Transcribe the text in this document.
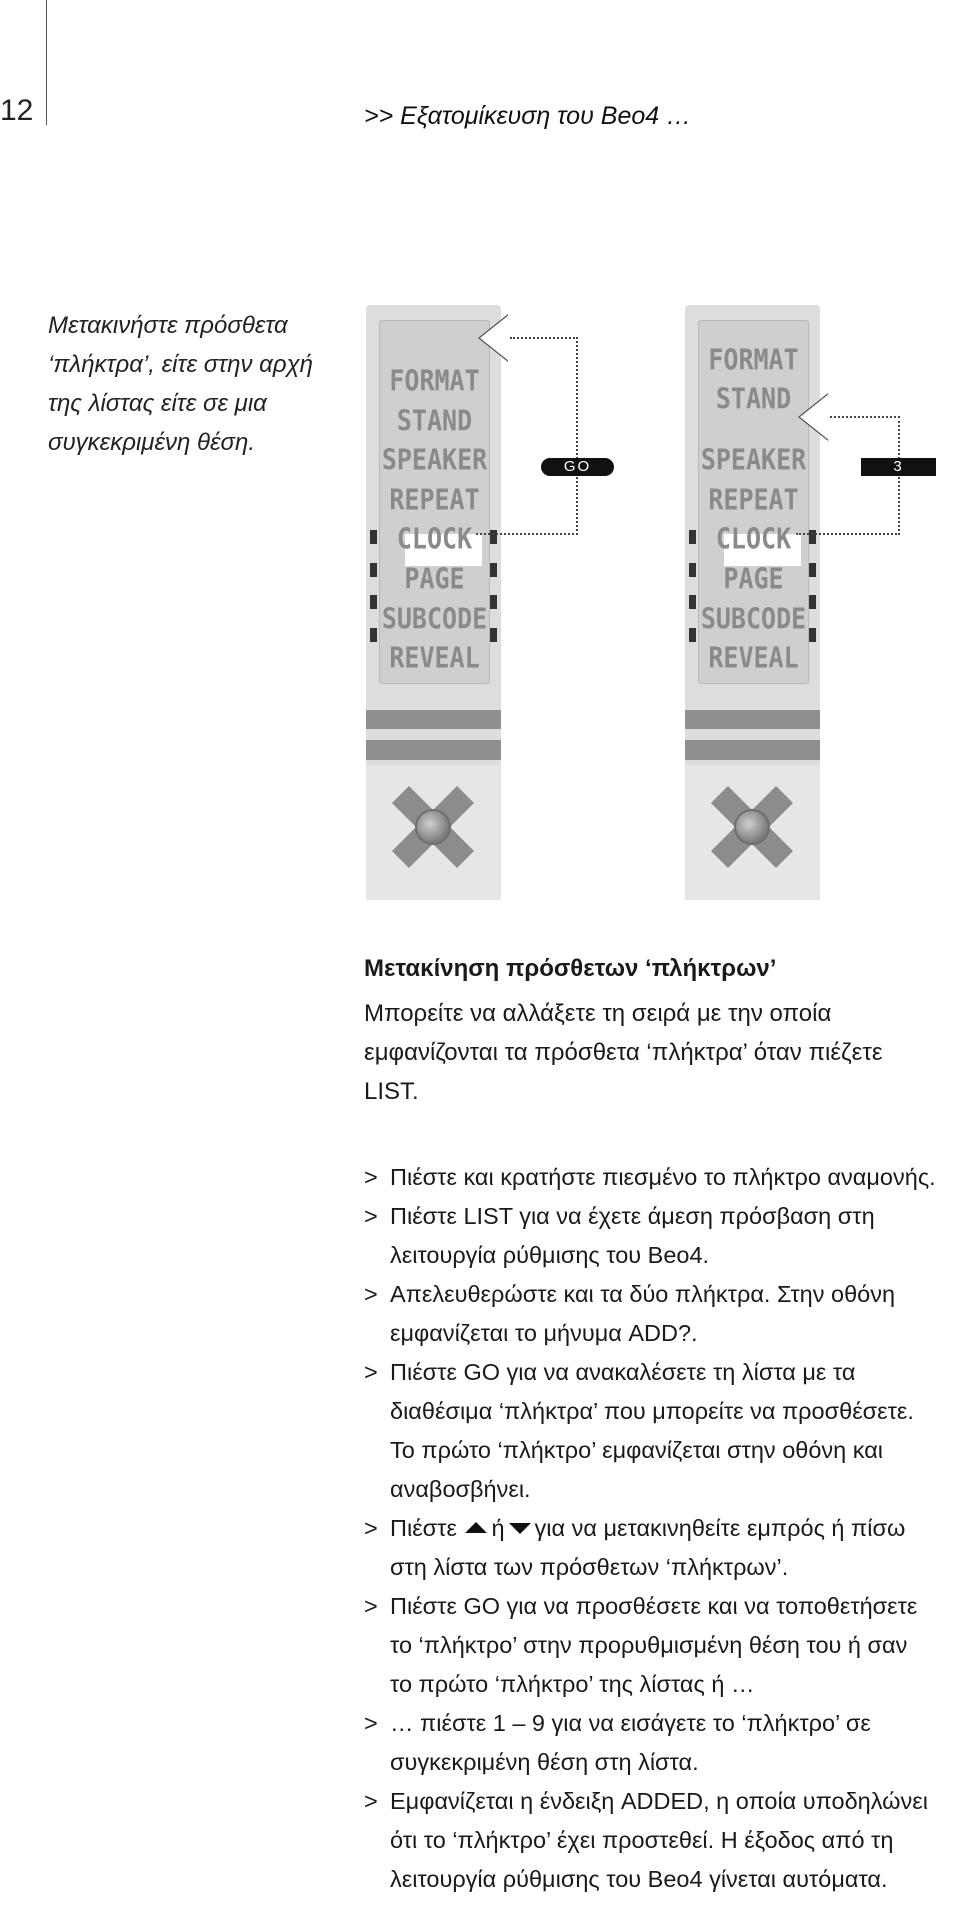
12	>> Εξατομίκευση του Beo4 …
Μετακινήστε πρόσθετα
‘πλήκτρα’, είτε στην αρχή
της λίστας είτε σε μια
συγκεκριμένη θέση.
FORMAT
STAND
SPEAKER
REPEAT
CLOCK
PAGE
SUBCODE
REVEAL
GO
FORMAT
STAND
SPEAKER
REPEAT
CLOCK
PAGE
SUBCODE
REVEAL
3
Μετακίνηση πρόσθετων ‘πλήκτρων’
Μπορείτε να αλλάξετε τη σειρά με την οποία
εμφανίζονται τα πρόσθετα ‘πλήκτρα’ όταν πιέζετε
LIST.
> Πιέστε και κρατήστε πιεσμένο το πλήκτρο αναμονής.
> Πιέστε LIST για να έχετε άμεση πρόσβαση στη
λειτουργία ρύθμισης του Beo4.
> Απελευθερώστε και τα δύο πλήκτρα. Στην οθόνη
εμφανίζεται το μήνυμα ADD?.
> Πιέστε GO για να ανακαλέσετε τη λίστα με τα
διαθέσιμα ‘πλήκτρα’ που μπορείτε να προσθέσετε.
Το πρώτο ‘πλήκτρο’ εμφανίζεται στην οθόνη και
αναβοσβήνει.
> Πιέστε ή για να μετακινηθείτε εμπρός ή πίσω
στη λίστα των πρόσθετων ‘πλήκτρων’.
> Πιέστε GO για να προσθέσετε και να τοποθετήσετε
το ‘πλήκτρο’ στην προρυθμισμένη θέση του ή σαν
το πρώτο ‘πλήκτρο’ της λίστας ή …
> … πιέστε 1 – 9 για να εισάγετε το ‘πλήκτρο’ σε
συγκεκριμένη θέση στη λίστα.
> Εμφανίζεται η ένδειξη ADDED, η οποία υποδηλώνει
ότι το ‘πλήκτρο’ έχει προστεθεί. Η έξοδος από τη
λειτουργία ρύθμισης του Beo4 γίνεται αυτόματα.
